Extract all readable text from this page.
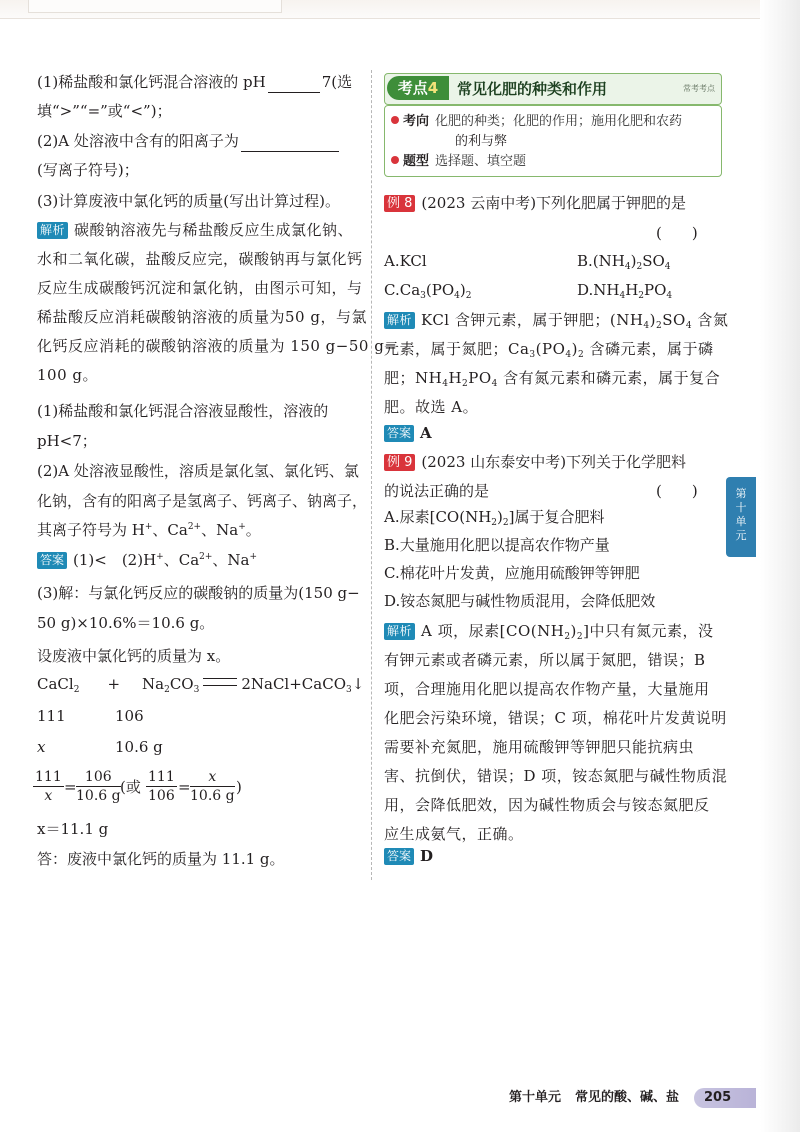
(1)稀盐酸和氯化钙混合溶液的 pH	7(选
填“>”“=”或“<”)；
(2)A 处溶液中含有的阳离子为
(写离子符号)；
(3)计算废液中氯化钙的质量(写出计算过程)。
解析 碳酸钠溶液先与稀盐酸反应生成氯化钠、
水和二氧化碳，盐酸反应完，碳酸钠再与氯化钙
反应生成碳酸钙沉淀和氯化钠，由图示可知，与
稀盐酸反应消耗碳酸钠溶液的质量为50 g，与氯
化钙反应消耗的碳酸钠溶液的质量为 150 g−50 g=
100 g。
(1)稀盐酸和氯化钙混合溶液显酸性，溶液的
pH<7；
(2)A 处溶液显酸性，溶质是氯化氢、氯化钙、氯
化钠，含有的阳离子是氢离子、钙离子、钠离子，
其离子符号为 H+、$Ca^{2+}$、Na+。
答案 (1)<　(2)H+、$Ca^{2+}$、Na+
(3)解：与氯化钙反应的碳酸钠的质量为(150 g−
50 g)×10.6%＝10.6 g。
设废液中氯化钙的质量为 x。
CaCl$_2$ + $Na_2CO_3$	2NaCl+CaCO$_3$↓
111	106
x	10.6 g
$\frac{111}{x} = \frac{106}{10.6 g}$ (或 $\frac{111}{106} = \frac{x}{10.6 g}$ )
x＝11.1 g
答：废液中氯化钙的质量为 11.1 g。
考点4	常见化肥的种类和作用	常考考点
考向 化肥的种类；化肥的作用；施用化肥和农药
的利与弊
题型 选择题、填空题
例 8 (2023 云南中考)下列化肥属于钾肥的是
(　　)
A.KCl	$B.(NH_4)_2SO_4$
$C.Ca_3(PO_4)_2$	$D.NH_4H_2PO_4$
解析 KCl 含钾元素，属于钾肥；$(NH_4)_2SO_4$ 含氮
元素，属于氮肥；$Ca_3(PO_4)_2$ 含磷元素，属于磷
肥；$NH_4H_2PO_4$ 含有氮元素和磷元素，属于复合
肥。故选 A。
答案 A
例 9 (2023 山东泰安中考)下列关于化学肥料
的说法正确的是	(　　)
A.尿素$[CO(NH_2)_2]$属于复合肥料
B.大量施用化肥以提高农作物产量
C.棉花叶片发黄，应施用硫酸钾等钾肥
D.铵态氮肥与碱性物质混用，会降低肥效
解析 A 项，尿素$[CO(NH_2)_2]$中只有氮元素，没
有钾元素或者磷元素，所以属于氮肥，错误；B
项，合理施用化肥以提高农作物产量，大量施用
化肥会污染环境，错误；C 项，棉花叶片发黄说明
需要补充氮肥，施用硫酸钾等钾肥只能抗病虫
害、抗倒伏，错误；D 项，铵态氮肥与碱性物质混
用，会降低肥效，因为碱性物质会与铵态氮肥反
应生成氨气，正确。
答案 D
第
十
单
元
第十单元 常见的酸、碱、盐	205
